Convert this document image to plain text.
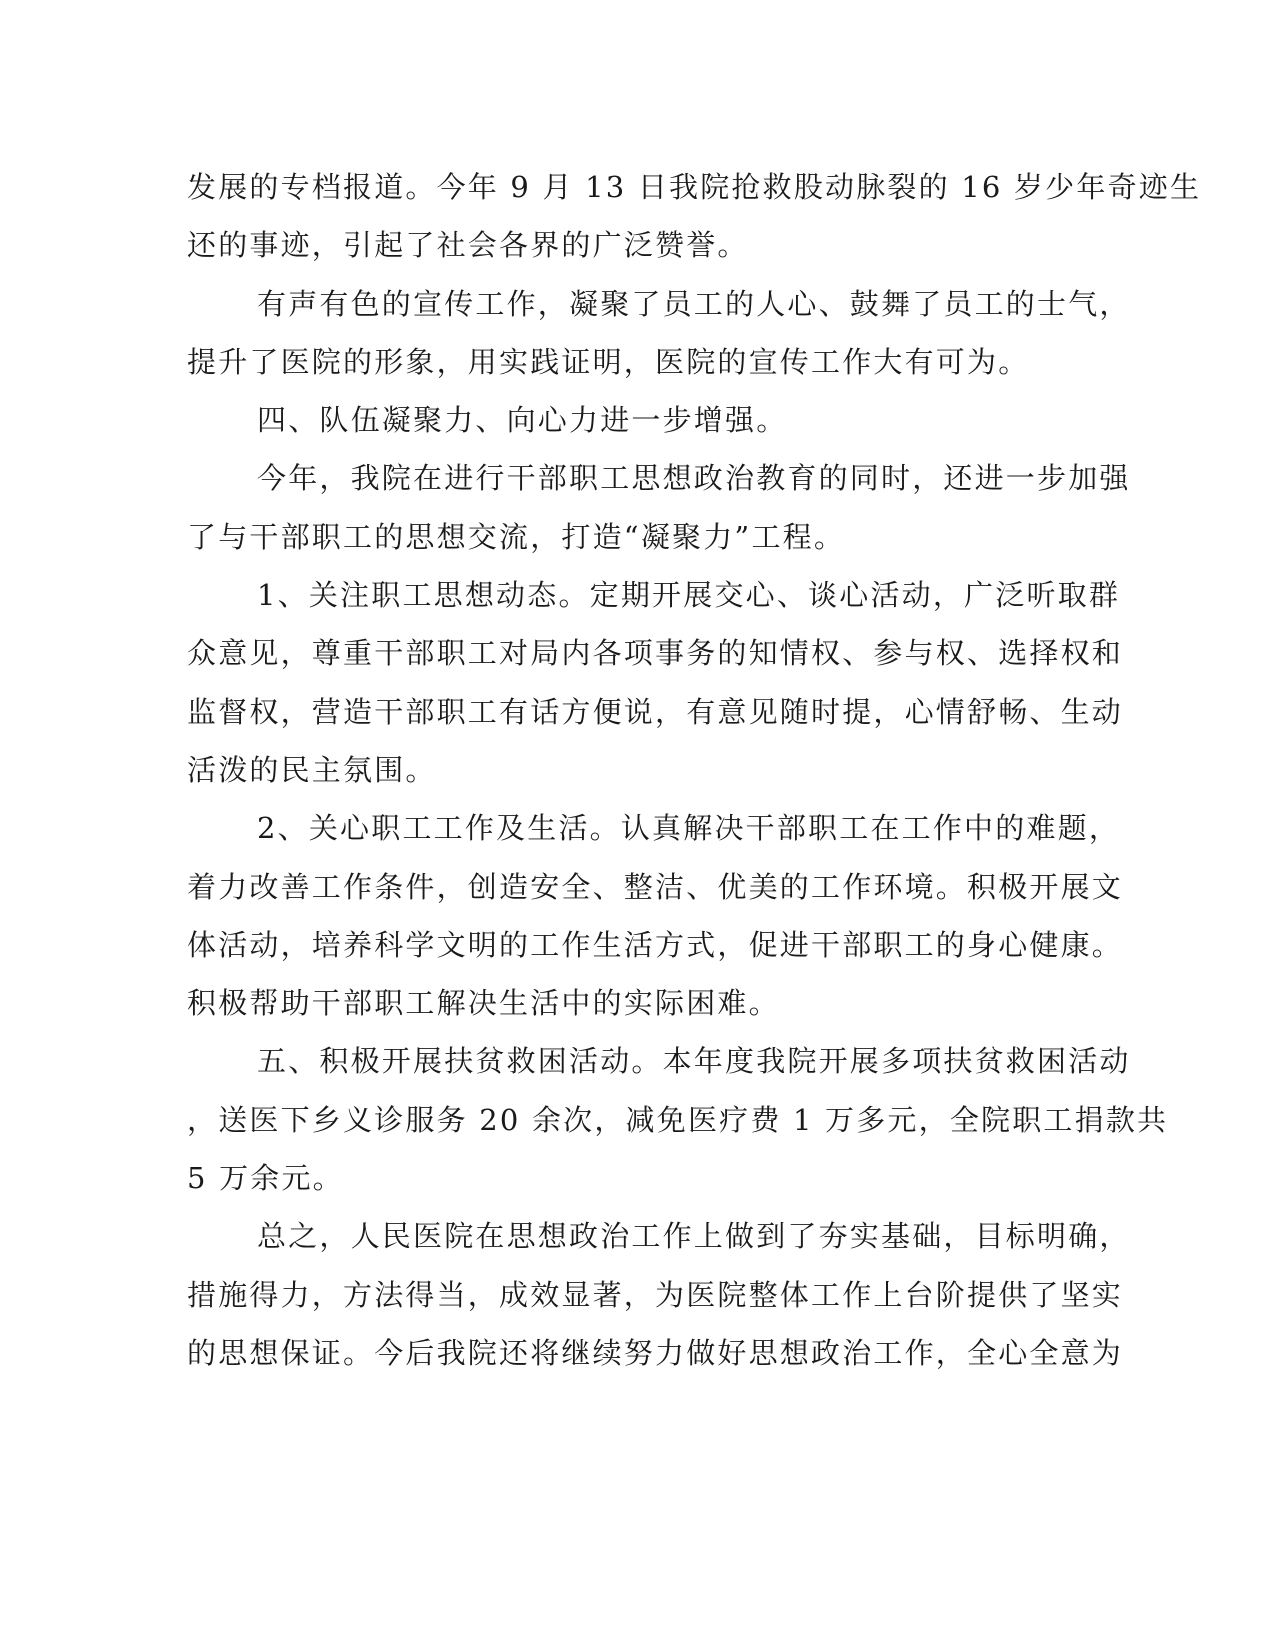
发展的专档报道。今年 9 月 13 日我院抢救股动脉裂的 16 岁少年奇迹生
还的事迹，引起了社会各界的广泛赞誉。

有声有色的宣传工作，凝聚了员工的人心、鼓舞了员工的士气，
提升了医院的形象，用实践证明，医院的宣传工作大有可为。

四、队伍凝聚力、向心力进一步增强。

今年，我院在进行干部职工思想政治教育的同时，还进一步加强
了与干部职工的思想交流，打造“凝聚力”工程。

1、关注职工思想动态。定期开展交心、谈心活动，广泛听取群
众意见，尊重干部职工对局内各项事务的知情权、参与权、选择权和
监督权，营造干部职工有话方便说，有意见随时提，心情舒畅、生动
活泼的民主氛围。

2、关心职工工作及生活。认真解决干部职工在工作中的难题，
着力改善工作条件，创造安全、整洁、优美的工作环境。积极开展文
体活动，培养科学文明的工作生活方式，促进干部职工的身心健康。
积极帮助干部职工解决生活中的实际困难。

五、积极开展扶贫救困活动。本年度我院开展多项扶贫救困活动
，送医下乡义诊服务 20 余次，减免医疗费 1 万多元，全院职工捐款共
5 万余元。

总之，人民医院在思想政治工作上做到了夯实基础，目标明确，
措施得力，方法得当，成效显著，为医院整体工作上台阶提供了坚实
的思想保证。今后我院还将继续努力做好思想政治工作，全心全意为
